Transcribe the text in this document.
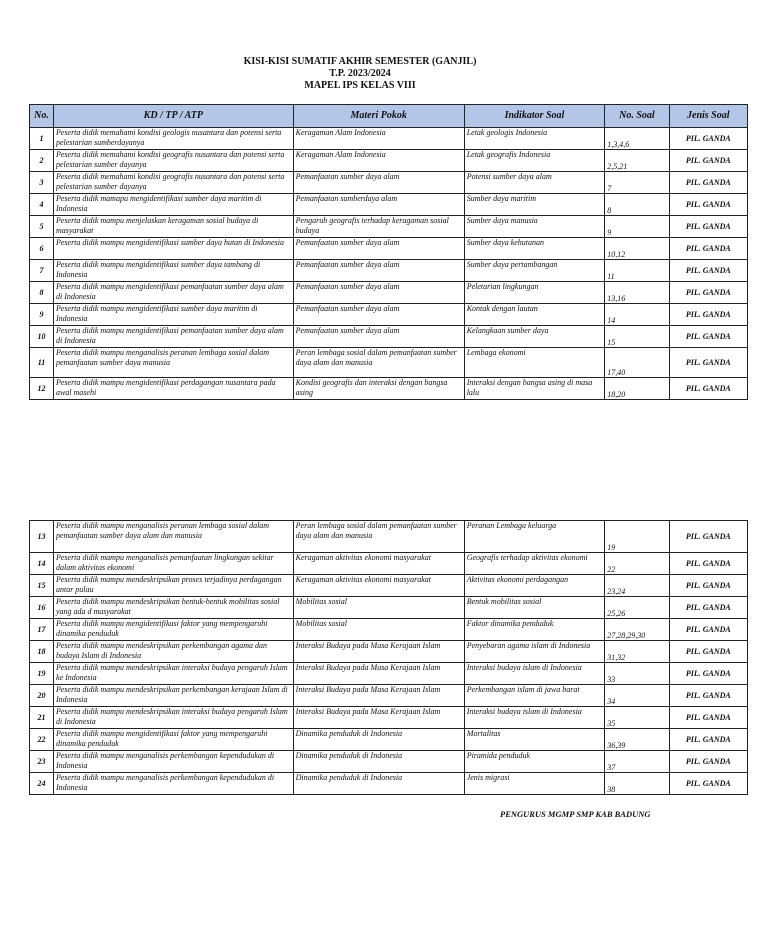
KISI-KISI SUMATIF AKHIR SEMESTER (GANJIL)
T.P. 2023/2024
MAPEL IPS KELAS VIII
No.	KD / TP / ATP	Materi Pokok	Indikator Soal	No. Soal	Jenis Soal
1	Peserta didik memahami kondisi geologis nusantara dan potensi serta pelestarian sumberdayanya	Keragaman Alam Indonesia	Letak geologis Indonesia	1,3,4,6	PIL. GANDA
2	Peserta didik memahami kondisi geografis nusantara dan potensi serta pelestarian sumber dayanya	Keragaman Alam Indonesia	Letak geografis Indonesia	2,5,21	PIL. GANDA
3	Peserta didik memahami kondisi geografis nusantara dan potensi serta pelestarian sumber dayanya	Pemanfaatan sumber daya alam	Potensi sumber daya alam	7	PIL. GANDA
4	Peserta didik mamapu mengidentifikasi sumber daya maritim di Indonesia	Pemanfaatan sumberdaya alam	Sumber daya maritim	8	PIL. GANDA
5	Peserta didik mampu menjelaskan keragaman sosial budaya di masyarakat	Pengaruh geografis terhadap keragaman sosial budaya	Sumber daya manusia	9	PIL. GANDA
6	Peserta didik mampu mengidentifikasi sumber daya hutan di Indonesia	Pemanfaatan sumber daya alam	Sumber daya kehutanan	10,12	PIL. GANDA
7	Peserta didik mampu mengidentifikasi sumber daya tambang di Indonesia	Pemanfaatan sumber daya alam	Sumber daya pertambangan	11	PIL. GANDA
8	Peserta didik mampu mengidentifikasi pemanfaatan sumber daya alam di Indonesia	Pemanfaatan sumber daya alam	Peletarian lingkungan	13,16	PIL. GANDA
9	Peserta didik mampu mengidentifikasi sumber daya maritim di Indonesia	Pemanfaatan sumber daya alam	Kontak dengan lautan	14	PIL. GANDA
10	Peserta didik mampu mengidentifikasi pemanfaatan sumber daya alam di Indonesia	Pemanfaatan sumber daya alam	Kelangkaan sumber daya	15	PIL. GANDA
11	Peserta didik mampu menganalisis peranan lembaga sosial dalam pemanfaatan sumber daya manusia	Peran lembaga sosial dalam pemanfaatan sumber daya alam dan manusia	Lembaga ekonomi	17,40	PIL. GANDA
12	Peserta didik mampu mengidentifikasi perdagangan nusantara pada awal masehi	Kondisi geografis dan interaksi dengan bangsa asing	Interaksi dengan bangsa asing di masa lalu	18,20	PIL. GANDA
13	Peserta didik mampu menganalisis peranan lembaga sosial dalam pemanfaatan sumber daya alam dan manusia	Peran lembaga sosial dalam pemanfaatan sumber daya alam dan manusia	Peranan Lembaga keluarga	19	PIL. GANDA
14	Peserta didik mampu menganalisis pemanfaatan lingkungan sekitar dalam aktivitas ekonomi	Keragaman aktivitas ekonomi masyarakat	Geografis terhadap aktivitas ekonomi	22	PIL. GANDA
15	Peserta didik mampu mendeskripsikan proses terjadinya perdagangan antar pulau	Keragaman aktivitas ekonomi masyarakat	Aktivitas ekonomi perdagangan	23,24	PIL. GANDA
16	Peserta didik mampu mendeskripsikan bentuk-bentuk mobilitas sosial yang ada d masyarakat	Mobilitas sosial	Bentuk mobilitas sosial	25,26	PIL. GANDA
17	Peserta didik mampu mengidentifikasi faktor yang mempengaruhi dinamika penduduk	Mobilitas sosial	Faktor dinamika penduduk	27,28,29,30	PIL. GANDA
18	Peserta didik mampu mendeskripsikan perkembangan agama dan budaya Islam di Indonesia	Interaksi Budaya pada Masa Kerajaan Islam	Penyebaran agama islam di Indonesia	31,32	PIL. GANDA
19	Peserta didik mampu mendeskripsikan interaksi budaya pengaruh Islam ke Indonesia	Interaksi Budaya pada Masa Kerajaan Islam	Interaksi budaya islam di Indonesia	33	PIL. GANDA
20	Peserta didik mampu mendeskripsikan perkembangan kerajaan Islam di Indonesia	Interaksi Budaya pada Masa Kerajaan Islam	Perkembangan islam di jawa barat	34	PIL. GANDA
21	Peserta didik mampu mendeskripsikan interaksi budaya pengaruh Islam di Indonesia	Interaksi Budaya pada Masa Kerajaan Islam	Interaksi budaya islam di Indonesia	35	PIL. GANDA
22	Peserta didik mampu mengidentifikasi faktor yang mempengaruhi dinamika penduduk	Dinamika penduduk di Indonesia	Mortalitas	36,39	PIL. GANDA
23	Peserta didik mampu menganalisis perkembangan kependudukan di Indonesia	Dinamika penduduk di Indonesia	Piramida penduduk	37	PIL. GANDA
24	Peserta didik mampu menganalisis perkembangan kependudukan di Indonesia	Dinamika penduduk di Indonesia	Jenis migrasi	38	PIL. GANDA
PENGURUS MGMP SMP KAB BADUNG
